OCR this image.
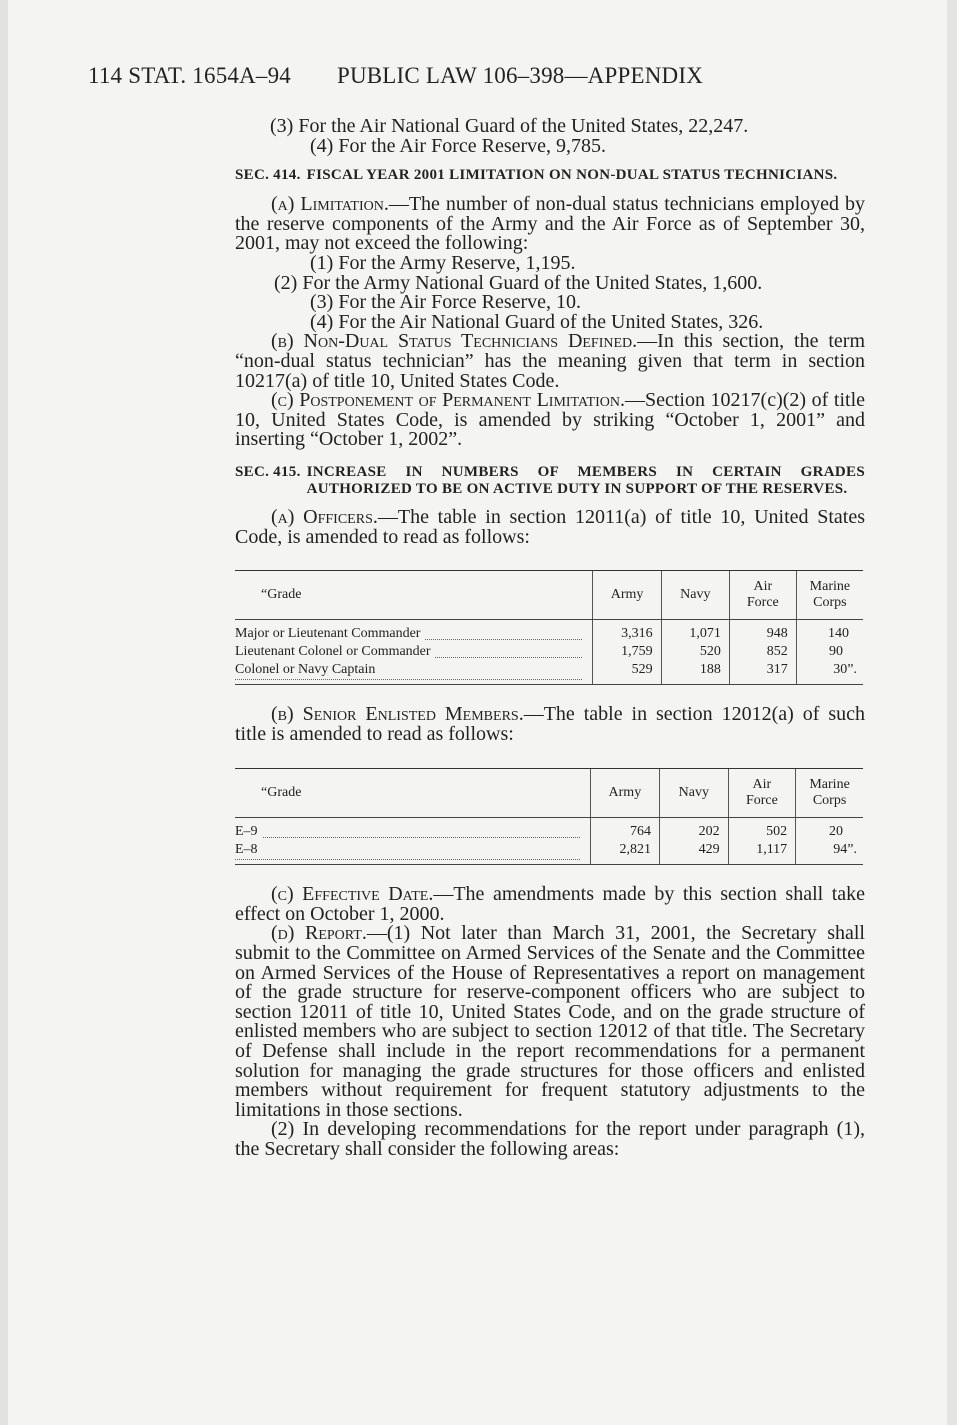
114 STAT. 1654A–94 PUBLIC LAW 106–398—APPENDIX

(3) For the Air National Guard of the United States, 22,247.

(4) For the Air Force Reserve, 9,785.

SEC. 414. FISCAL YEAR 2001 LIMITATION ON NON-DUAL STATUS TECHNICIANS.

(a) Limitation.—The number of non-dual status technicians employed by the reserve components of the Army and the Air Force as of September 30, 2001, may not exceed the following:

(1) For the Army Reserve, 1,195.

(2) For the Army National Guard of the United States, 1,600.

(3) For the Air Force Reserve, 10.

(4) For the Air National Guard of the United States, 326.

(b) Non-Dual Status Technicians Defined.—In this section, the term “non-dual status technician” has the meaning given that term in section 10217(a) of title 10, United States Code.

(c) Postponement of Permanent Limitation.—Section 10217(c)(2) of title 10, United States Code, is amended by striking “October 1, 2001” and inserting “October 1, 2002”.

SEC. 415. INCREASE IN NUMBERS OF MEMBERS IN CERTAIN GRADES AUTHORIZED TO BE ON ACTIVE DUTY IN SUPPORT OF THE RESERVES.

(a) Officers.—The table in section 12011(a) of title 10, United States Code, is amended to read as follows:

“Grade	Army	Navy	Air Force	Marine Corps

Major or Lieutenant Commander	3,316	1,071	948	140

Lieutenant Colonel or Commander	1,759	520	852	90

Colonel or Navy Captain	529	188	317	30”.

(b) Senior Enlisted Members.—The table in section 12012(a) of such title is amended to read as follows:

“Grade	Army	Navy	Air Force	Marine Corps

E–9	764	202	502	20

E–8	2,821	429	1,117	94”.

(c) Effective Date.—The amendments made by this section shall take effect on October 1, 2000.

(d) Report.—(1) Not later than March 31, 2001, the Secretary shall submit to the Committee on Armed Services of the Senate and the Committee on Armed Services of the House of Representatives a report on management of the grade structure for reserve-component officers who are subject to section 12011 of title 10, United States Code, and on the grade structure of enlisted members who are subject to section 12012 of that title. The Secretary of Defense shall include in the report recommendations for a permanent solution for managing the grade structures for those officers and enlisted members without requirement for frequent statutory adjustments to the limitations in those sections.

(2) In developing recommendations for the report under paragraph (1), the Secretary shall consider the following areas:
